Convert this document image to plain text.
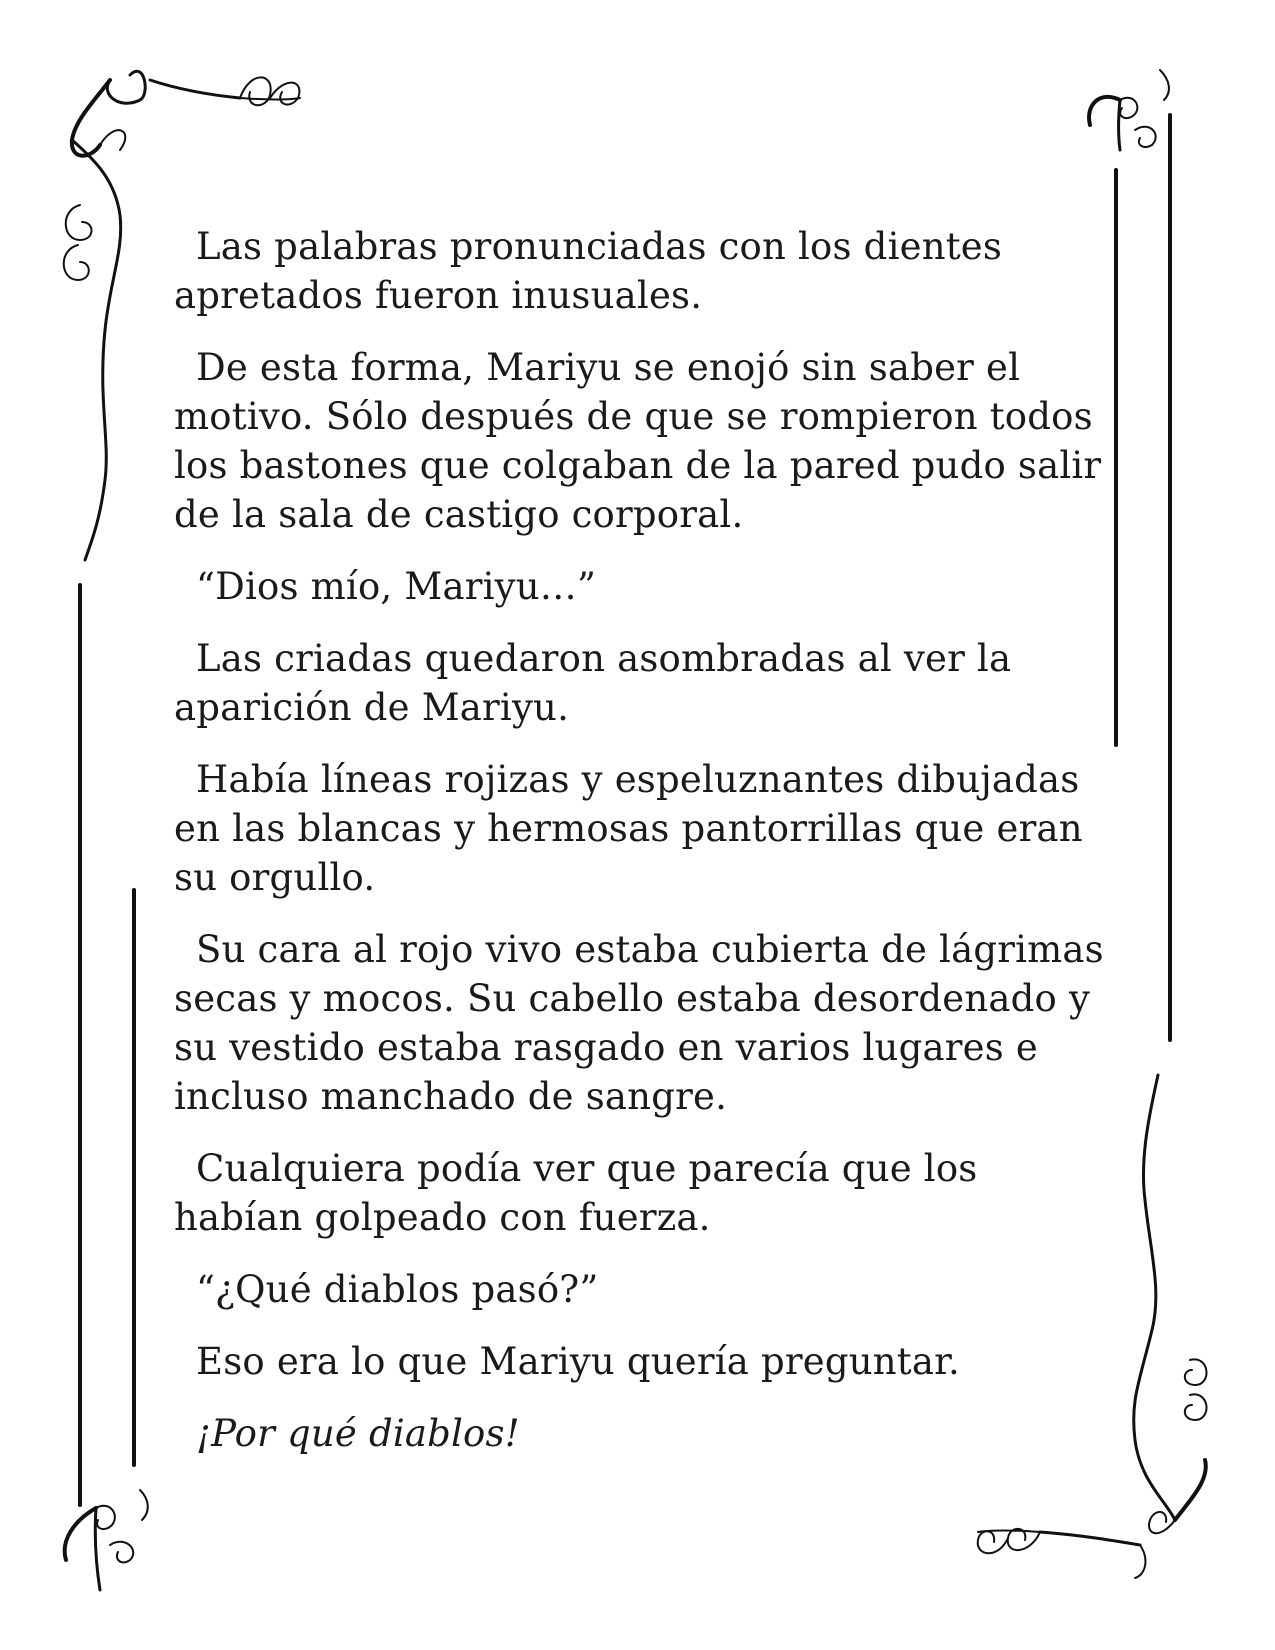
Las palabras pronunciadas con los dientes apretados fueron inusuales.

De esta forma, Mariyu se enojó sin saber el motivo. Sólo después de que se rompieron todos los bastones que colgaban de la pared pudo salir de la sala de castigo corporal.

“Dios mío, Mariyu…”

Las criadas quedaron asombradas al ver la aparición de Mariyu.

Había líneas rojizas y espeluznantes dibujadas en las blancas y hermosas pantorrillas que eran su orgullo.

Su cara al rojo vivo estaba cubierta de lágrimas secas y mocos. Su cabello estaba desordenado y su vestido estaba rasgado en varios lugares e incluso manchado de sangre.

Cualquiera podía ver que parecía que los habían golpeado con fuerza.

“¿Qué diablos pasó?”

Eso era lo que Mariyu quería preguntar.

¡Por qué diablos!
